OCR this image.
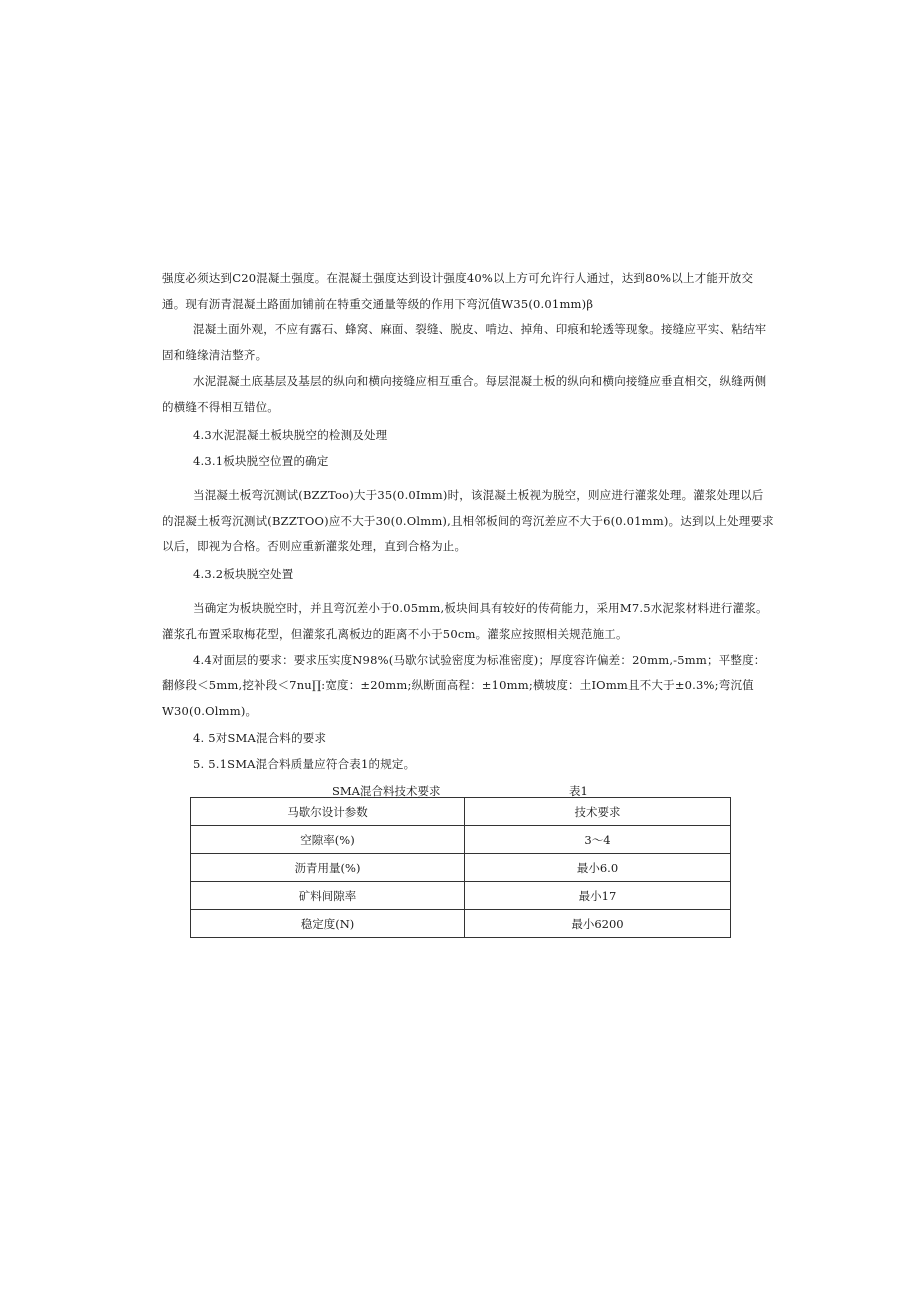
强度必须达到C20混凝土强度。在混凝土强度达到设计强度40%以上方可允许行人通过，达到80%以上才能开放交
通。现有沥青混凝土路面加铺前在特重交通量等级的作用下弯沉值W35(0.01mm)β
混凝土面外观，不应有露石、蜂窝、麻面、裂缝、脱皮、啃边、掉角、印痕和轮透等现象。接缝应平实、粘结牢
固和缝缘清洁整齐。
水泥混凝土底基层及基层的纵向和横向接缝应相互重合。每层混凝土板的纵向和横向接缝应垂直相交，纵缝两侧
的横缝不得相互错位。
4.3水泥混凝土板块脱空的检测及处理
4.3.1板块脱空位置的确定
当混凝土板弯沉测试(BZZToo)大于35(0.0Imm)时，该混凝土板视为脱空，则应进行灌浆处理。灌浆处理以后
的混凝土板弯沉测试(BZZTOO)应不大于30(0.Olmm),且相邻板间的弯沉差应不大于6(0.01mm)。达到以上处理要求
以后，即视为合格。否则应重新灌浆处理，直到合格为止。
4.3.2板块脱空处置
当确定为板块脱空时，并且弯沉差小于0.05mm,板块间具有较好的传荷能力，采用M7.5水泥浆材料进行灌浆。
灌浆孔布置采取梅花型，但灌浆孔离板边的距离不小于50cm。灌浆应按照相关规范施工。
4.4对面层的要求：要求压实度N98%(马歇尔试验密度为标准密度)；厚度容许偏差：20mm,-5mm；平整度：
翻修段＜5mm,挖补段＜7nu∏:宽度：±20mm;纵断面高程：±10mm;横坡度：土IOmm且不大于±0.3%;弯沉值
W30(0.Olmm)。
4. 5对SMA混合料的要求
5. 5.1SMA混合料质量应符合表1的规定。
SMA混合料技术要求	表1
马歇尔设计参数	技术要求
空隙率(%)	3～4
沥青用量(%)	最小6.0
矿料间隙率	最小17
稳定度(N)	最小6200
